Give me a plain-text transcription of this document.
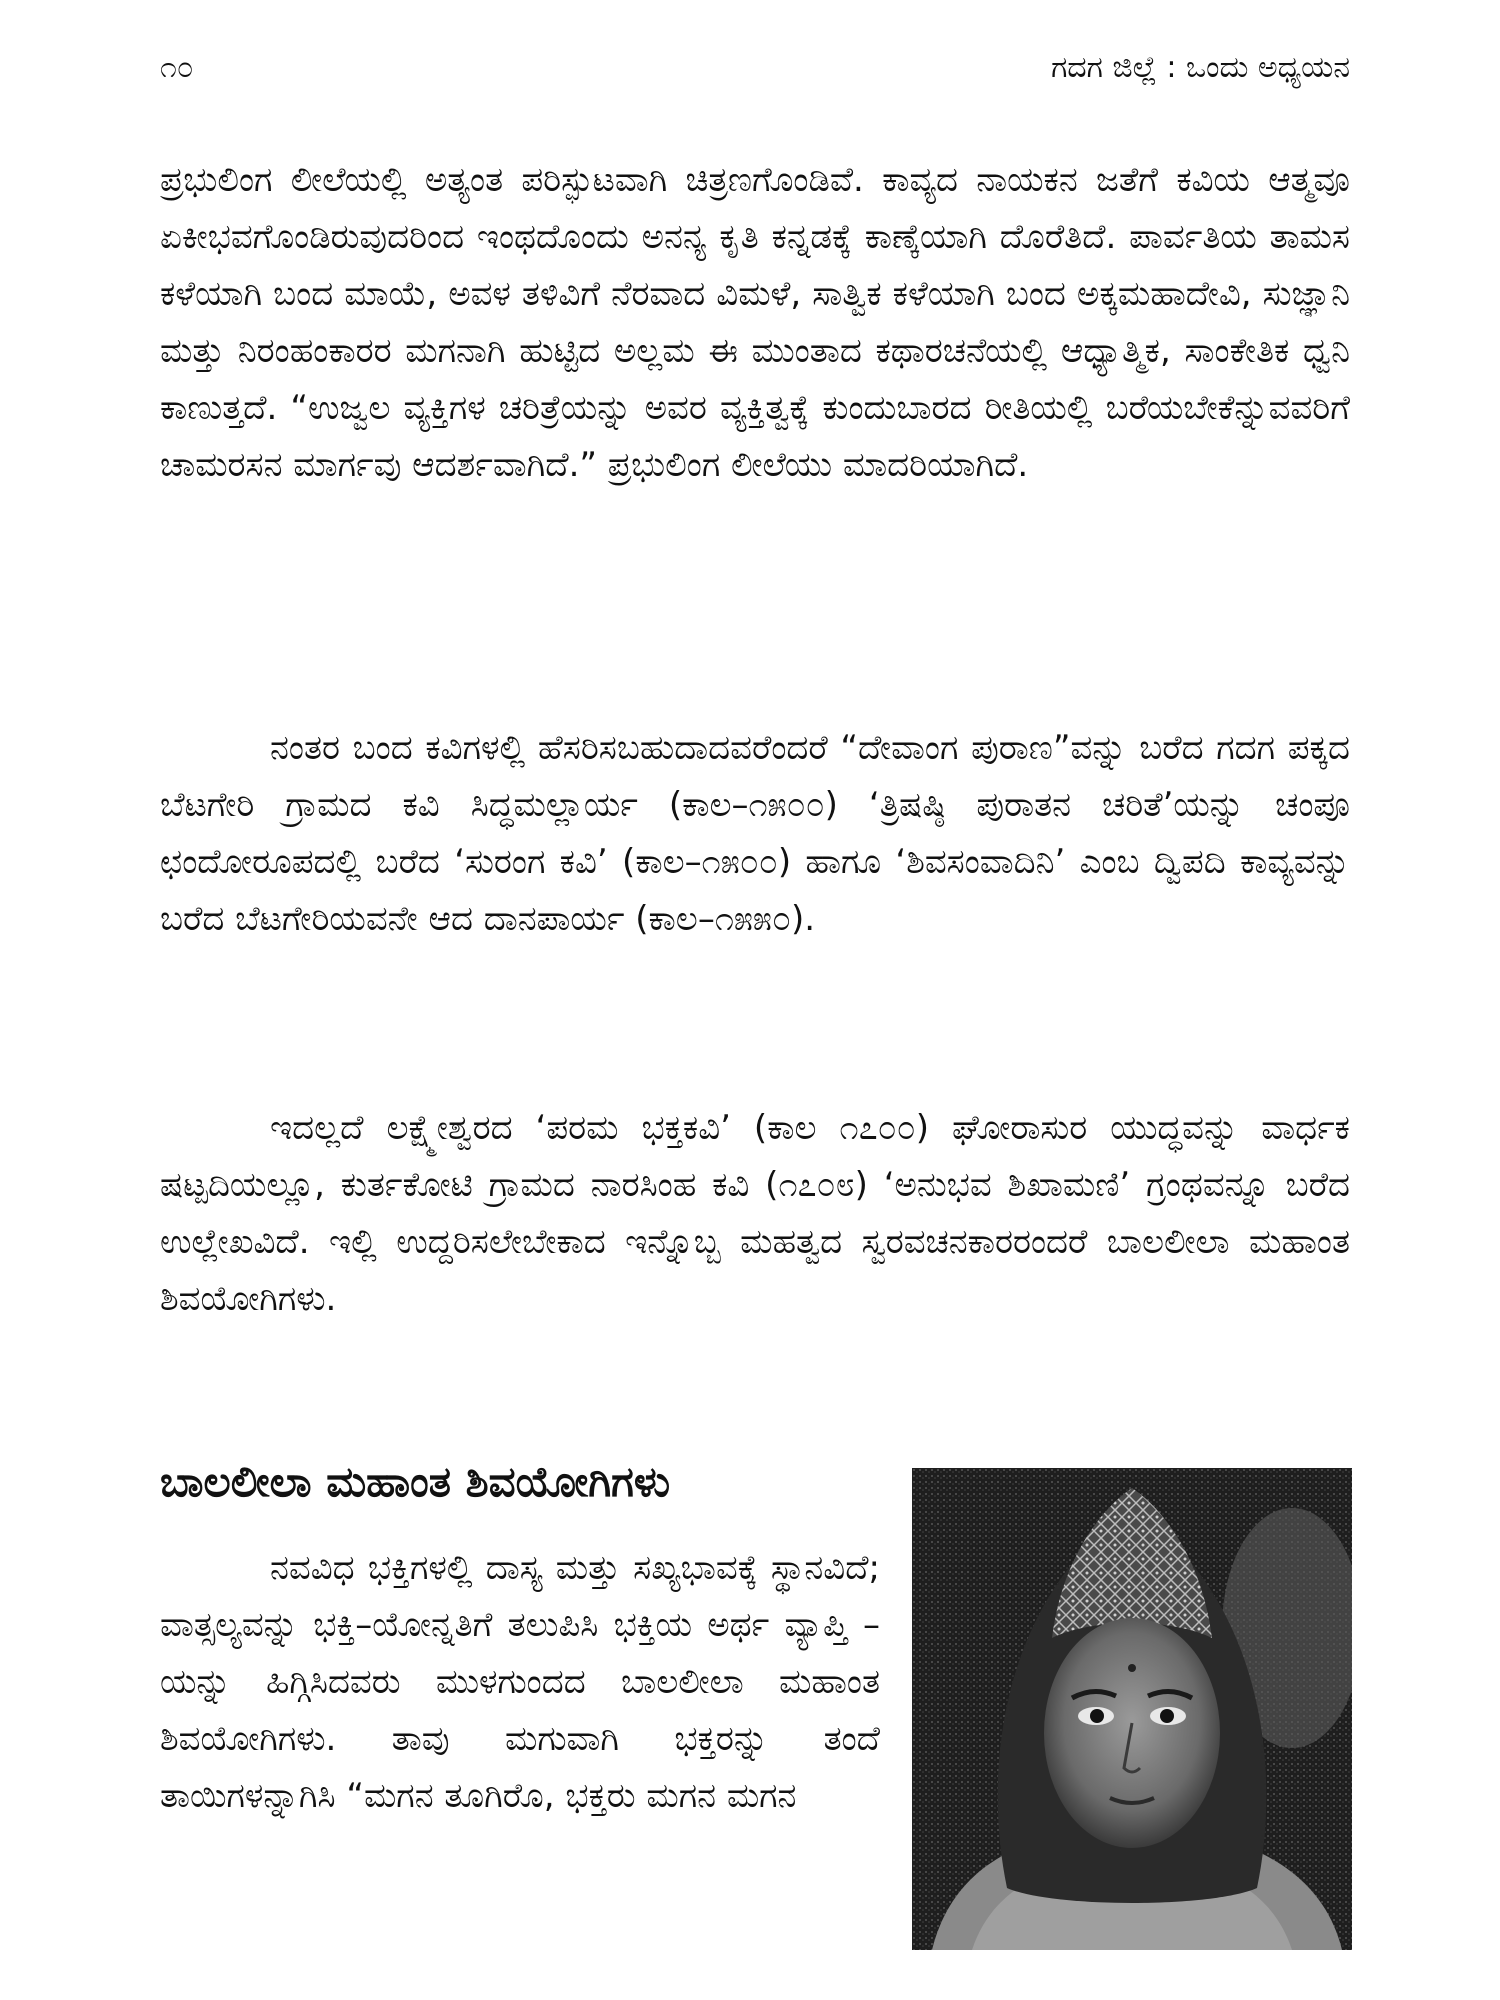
೧೦	ಗದಗ ಜಿಲ್ಲೆ : ಒಂದು ಅಧ್ಯಯನ

ಪ್ರಭುಲಿಂಗ ಲೀಲೆಯಲ್ಲಿ ಅತ್ಯಂತ ಪರಿಸ್ಫುಟವಾಗಿ ಚಿತ್ರಣಗೊಂಡಿವೆ. ಕಾವ್ಯದ ನಾಯಕನ ಜತೆಗೆ ಕವಿಯ ಆತ್ಮವೂ ಏಕೀಭವಗೊಂಡಿರುವುದರಿಂದ ಇಂಥದೊಂದು ಅನನ್ಯ ಕೃತಿ ಕನ್ನಡಕ್ಕೆ ಕಾಣ್ಕೆಯಾಗಿ ದೊರೆತಿದೆ. ಪಾರ್ವತಿಯ ತಾಮಸ ಕಳೆಯಾಗಿ ಬಂದ ಮಾಯೆ, ಅವಳ ತಳಿವಿಗೆ ನೆರವಾದ ವಿಮಳೆ, ಸಾತ್ವಿಕ ಕಳೆಯಾಗಿ ಬಂದ ಅಕ್ಕಮಹಾದೇವಿ, ಸುಜ್ಞಾನಿ ಮತ್ತು ನಿರಂಹಂಕಾರರ ಮಗನಾಗಿ ಹುಟ್ಟಿದ ಅಲ್ಲಮ ಈ ಮುಂತಾದ ಕಥಾರಚನೆಯಲ್ಲಿ ಆಧ್ಯಾತ್ಮಿಕ, ಸಾಂಕೇತಿಕ ಧ್ವನಿ ಕಾಣುತ್ತದೆ. “ಉಜ್ವಲ ವ್ಯಕ್ತಿಗಳ ಚರಿತ್ರೆಯನ್ನು ಅವರ ವ್ಯಕ್ತಿತ್ವಕ್ಕೆ ಕುಂದುಬಾರದ ರೀತಿಯಲ್ಲಿ ಬರೆಯಬೇಕೆನ್ನುವವರಿಗೆ ಚಾಮರಸನ ಮಾರ್ಗವು ಆದರ್ಶವಾಗಿದೆ.” ಪ್ರಭುಲಿಂಗ ಲೀಲೆಯು ಮಾದರಿಯಾಗಿದೆ.

ನಂತರ ಬಂದ ಕವಿಗಳಲ್ಲಿ ಹೆಸರಿಸಬಹುದಾದವರೆಂದರೆ “ದೇವಾಂಗ ಪುರಾಣ”ವನ್ನು ಬರೆದ ಗದಗ ಪಕ್ಕದ ಬೆಟಗೇರಿ ಗ್ರಾಮದ ಕವಿ ಸಿದ್ಧಮಲ್ಲಾರ್ಯ (ಕಾಲ–೧೫೦೦) ‘ತ್ರಿಷಷ್ಠಿ ಪುರಾತನ ಚರಿತೆ’ಯನ್ನು ಚಂಪೂ ಛಂದೋರೂಪದಲ್ಲಿ ಬರೆದ ‘ಸುರಂಗ ಕವಿ’ (ಕಾಲ–೧೫೦೦) ಹಾಗೂ ‘ಶಿವಸಂವಾದಿನಿ’ ಎಂಬ ದ್ವಿಪದಿ ಕಾವ್ಯವನ್ನು ಬರೆದ ಬೆಟಗೇರಿಯವನೇ ಆದ ದಾನಪಾರ್ಯ (ಕಾಲ–೧೫೫೦).

ಇದಲ್ಲದೆ ಲಕ್ಷ್ಮೇಶ್ವರದ ‘ಪರಮ ಭಕ್ತಕವಿ’ (ಕಾಲ ೧೭೦೦) ಘೋರಾಸುರ ಯುದ್ಧವನ್ನು ವಾರ್ಧಕ ಷಟ್ಪದಿಯಲ್ಲೂ, ಕುರ್ತಕೋಟಿ ಗ್ರಾಮದ ನಾರಸಿಂಹ ಕವಿ (೧೭೦೮) ‘ಅನುಭವ ಶಿಖಾಮಣಿ’ ಗ್ರಂಥವನ್ನೂ ಬರೆದ ಉಲ್ಲೇಖವಿದೆ. ಇಲ್ಲಿ ಉದ್ದರಿಸಲೇಬೇಕಾದ ಇನ್ನೊಬ್ಬ ಮಹತ್ವದ ಸ್ವರವಚನಕಾರರಂದರೆ ಬಾಲಲೀಲಾ ಮಹಾಂತ ಶಿವಯೋಗಿಗಳು.

ಬಾಲಲೀಲಾ ಮಹಾಂತ ಶಿವಯೋಗಿಗಳು

ನವವಿಧ ಭಕ್ತಿಗಳಲ್ಲಿ ದಾಸ್ಯ ಮತ್ತು ಸಖ್ಯಭಾವಕ್ಕೆ ಸ್ಥಾನವಿದೆ; ವಾತ್ಸಲ್ಯವನ್ನು ಭಕ್ತಿ–ಯೋನ್ನತಿಗೆ ತಲುಪಿಸಿ ಭಕ್ತಿಯ ಅರ್ಥ ವ್ಯಾಪ್ತಿ –ಯನ್ನು ಹಿಗ್ಗಿಸಿದವರು ಮುಳಗುಂದದ ಬಾಲಲೀಲಾ ಮಹಾಂತ ಶಿವಯೋಗಿಗಳು. ತಾವು ಮಗುವಾಗಿ ಭಕ್ತರನ್ನು ತಂದೆ ತಾಯಿಗಳನ್ನಾಗಿಸಿ “ಮಗನ ತೂಗಿರೊ, ಭಕ್ತರು ಮಗನ ಮಗನ
